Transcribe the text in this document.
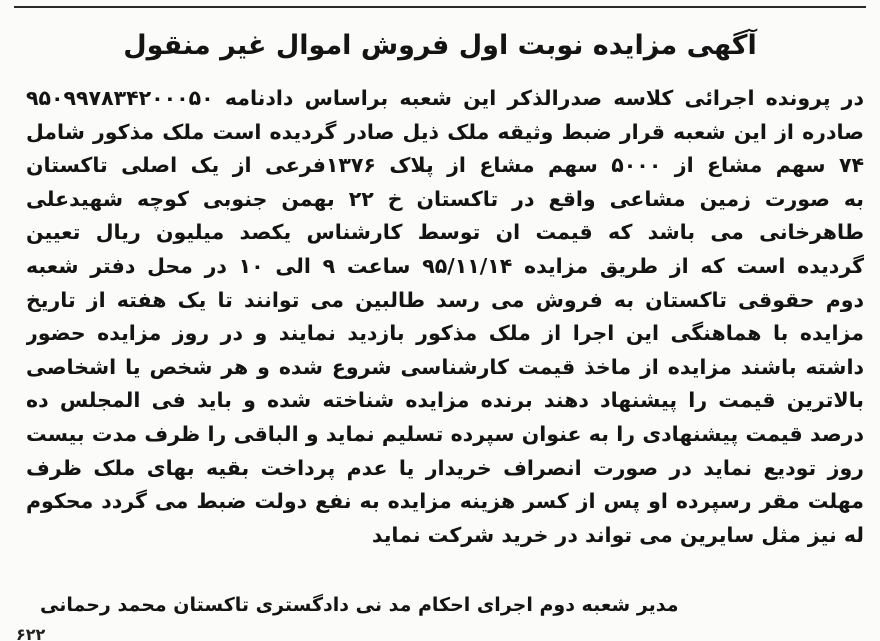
آگهی مزایده نوبت اول فروش اموال غیر منقول
در پرونده اجرائی کلاسه صدرالذکر این شعبه براساس دادنامه ۹۵۰۹۹۷۸۳۴۲۰۰۰۵۰
صادره از این شعبه قرار ضبط وثیقه ملک ذیل صادر گردیده است ملک مذکور شامل
۷۴ سهم مشاع از ۵۰۰۰ سهم مشاع از پلاک ۱۳۷۶فرعی از یک اصلی تاکستان
به صورت زمین مشاعی واقع در تاکستان خ ۲۲ بهمن جنوبی کوچه شهیدعلی
طاهرخانی می باشد که قیمت ان توسط کارشناس یکصد میلیون ریال تعیین
گردیده است که از طریق مزایده ۹۵/۱۱/۱۴ ساعت ۹ الی ۱۰ در محل دفتر شعبه
دوم حقوقی تاکستان به فروش می رسد طالبین می توانند تا یک هفته از تاریخ
مزایده با هماهنگی این اجرا از ملک مذکور بازدید نمایند و در روز مزایده حضور
داشته باشند مزایده از ماخذ قیمت کارشناسی شروع شده و هر شخص یا اشخاصی
بالاترین قیمت را پیشنهاد دهند برنده مزایده شناخته شده و باید فی المجلس ده
درصد قیمت پیشنهادی را به عنوان سپرده تسلیم نماید و الباقی را ظرف مدت بیست
روز تودیع نماید در صورت انصراف خریدار یا عدم پرداخت بقیه بهای ملک ظرف
مهلت مقر رسپرده او پس از کسر هزینه مزایده به نفع دولت ضبط می گردد محکوم
له نیز مثل سایرین می تواند در خرید شرکت نماید
مدیر شعبه دوم اجرای احکام مد نی دادگستری تاکستان محمد رحمانی
۶۲۲
